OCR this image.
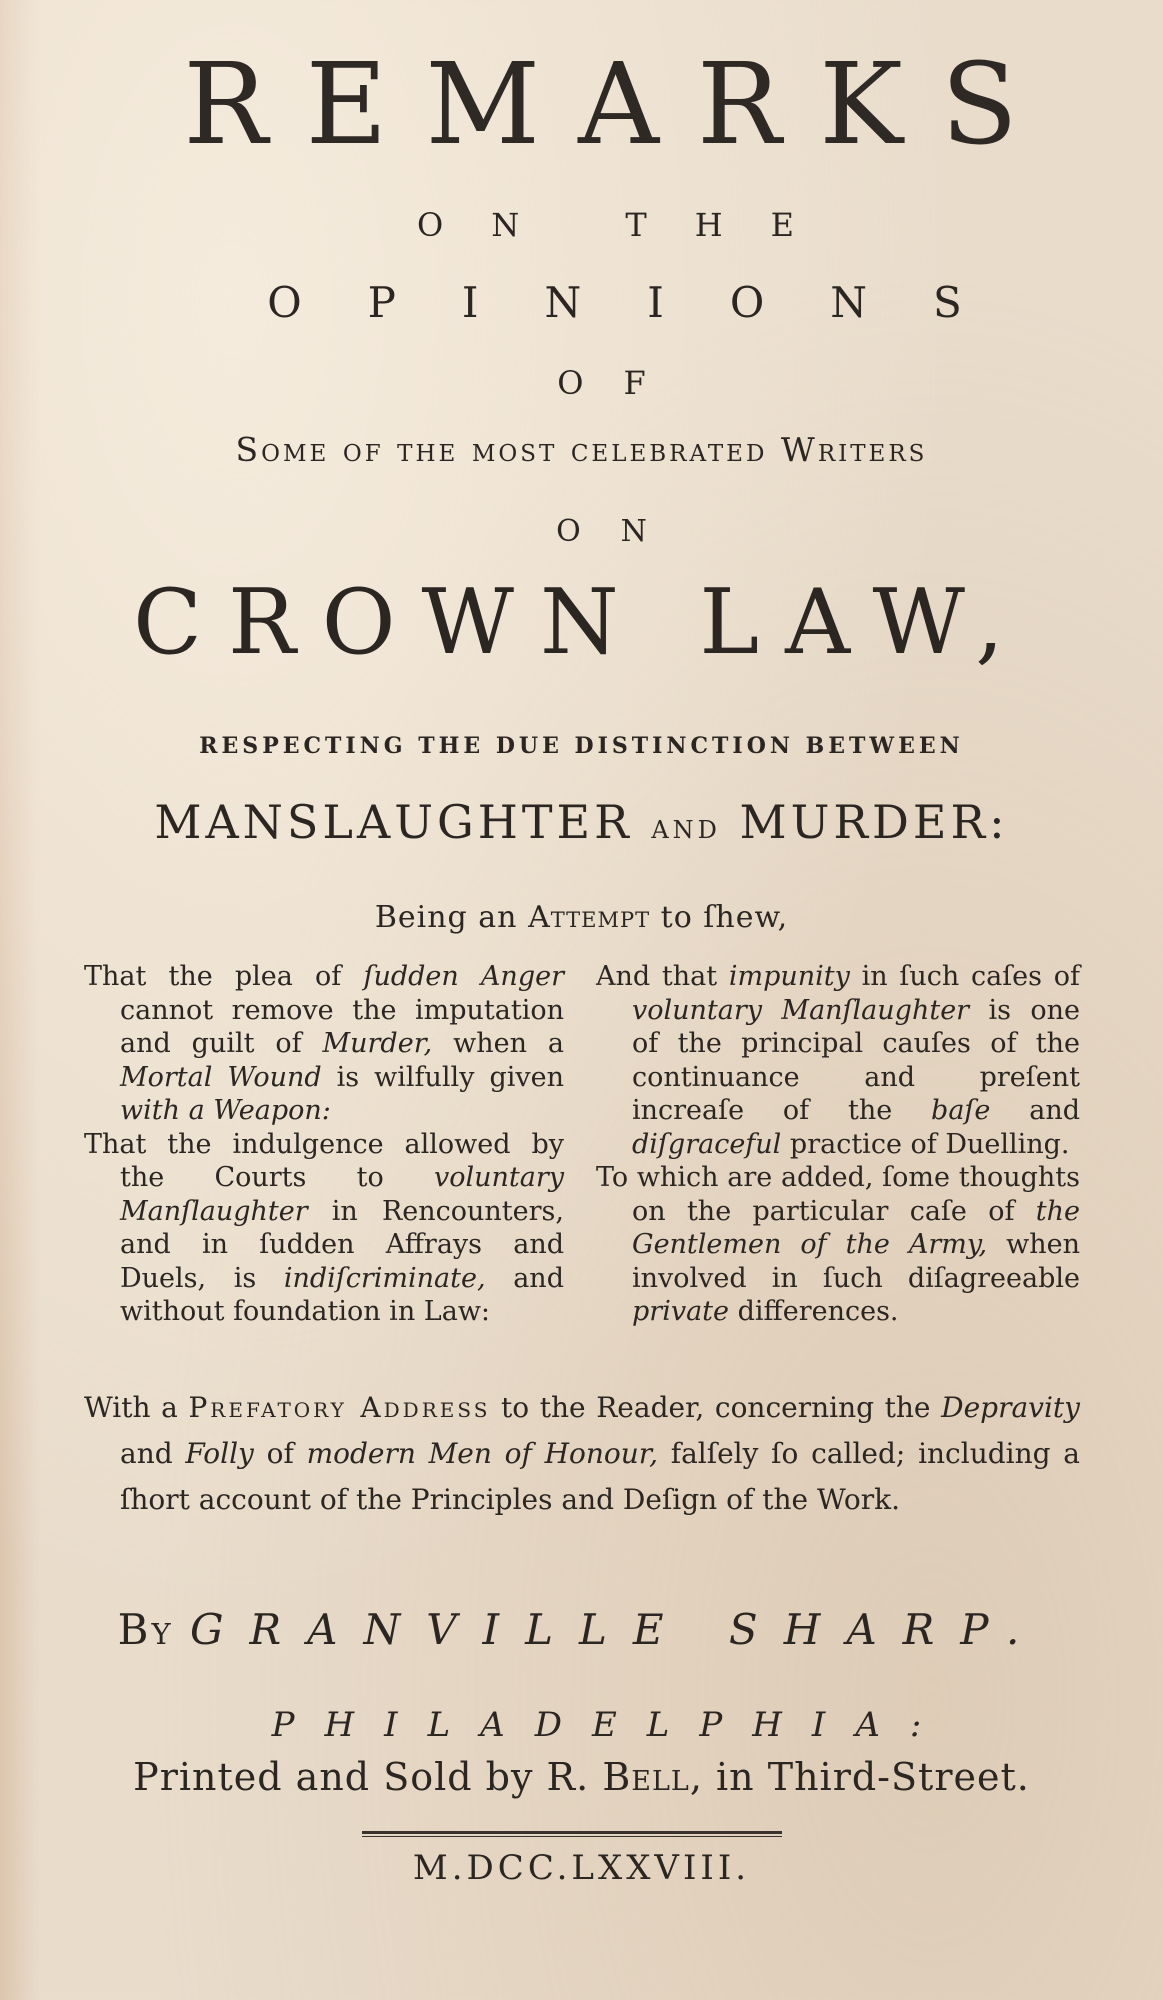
REMARKS
ON THE
OPINIONS
OF
Some of the most celebrated Writers
ON
CROWN LAW,
RESPECTING THE DUE DISTINCTION BETWEEN
MANSLAUGHTER and MURDER:
Being an Attempt to ſhew,

That the plea of ſudden Anger cannot remove the imputation and guilt of Murder, when a Mortal Wound is wilfully given with a Weapon:

That the indulgence allowed by the Courts to voluntary Manſlaughter in Rencounters, and in ſudden Affrays and Duels, is indiſcriminate, and without foundation in Law:

And that impunity in ſuch caſes of voluntary Manſlaughter is one of the principal cauſes of the continuance and preſent increaſe of the baſe and diſgraceful practice of Duelling.

To which are added, ſome thoughts on the particular caſe of the Gentlemen of the Army, when involved in ſuch diſagreeable private differences.

With a Prefatory Address to the Reader, concerning the Depravity and Folly of modern Men of Honour, falſely ſo called; including a ſhort account of the Principles and Deſign of the Work.

By GRANVILLE SHARP.
PHILADELPHIA:
Printed and Sold by R. Bell, in Third-Street.
M.DCC.LXXVIII.
